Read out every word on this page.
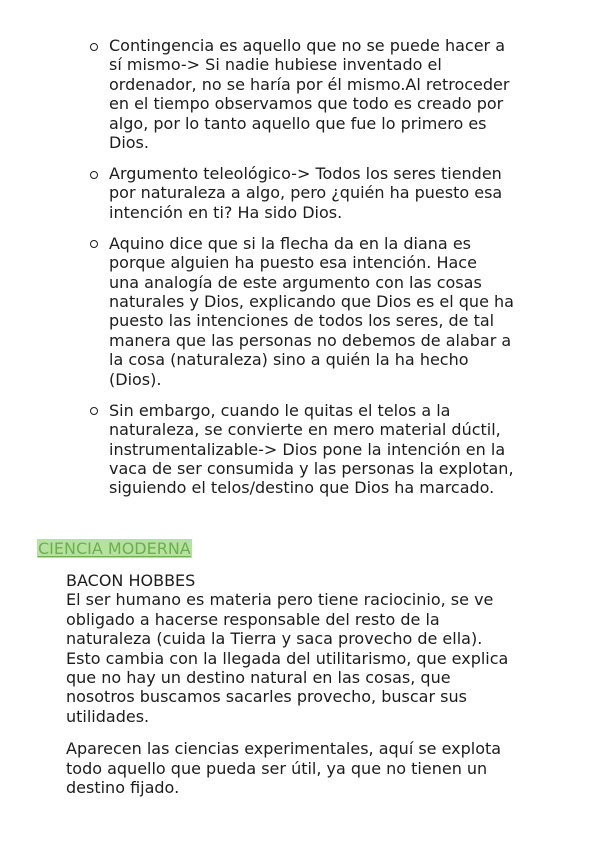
Contingencia es aquello que no se puede hacer a
sí mismo-> Si nadie hubiese inventado el
ordenador, no se haría por él mismo.Al retroceder
en el tiempo observamos que todo es creado por
algo, por lo tanto aquello que fue lo primero es
Dios.
Argumento teleológico-> Todos los seres tienden
por naturaleza a algo, pero ¿quién ha puesto esa
intención en ti? Ha sido Dios.
Aquino dice que si la flecha da en la diana es
porque alguien ha puesto esa intención. Hace
una analogía de este argumento con las cosas
naturales y Dios, explicando que Dios es el que ha
puesto las intenciones de todos los seres, de tal
manera que las personas no debemos de alabar a
la cosa (naturaleza) sino a quién la ha hecho
(Dios).
Sin embargo, cuando le quitas el telos a la
naturaleza, se convierte en mero material dúctil,
instrumentalizable-> Dios pone la intención en la
vaca de ser consumida y las personas la explotan,
siguiendo el telos/destino que Dios ha marcado.
CIENCIA MODERNA

BACON HOBBES
El ser humano es materia pero tiene raciocinio, se ve
obligado a hacerse responsable del resto de la
naturaleza (cuida la Tierra y saca provecho de ella).
Esto cambia con la llegada del utilitarismo, que explica
que no hay un destino natural en las cosas, que
nosotros buscamos sacarles provecho, buscar sus
utilidades.

Aparecen las ciencias experimentales, aquí se explota
todo aquello que pueda ser útil, ya que no tienen un
destino fijado.
